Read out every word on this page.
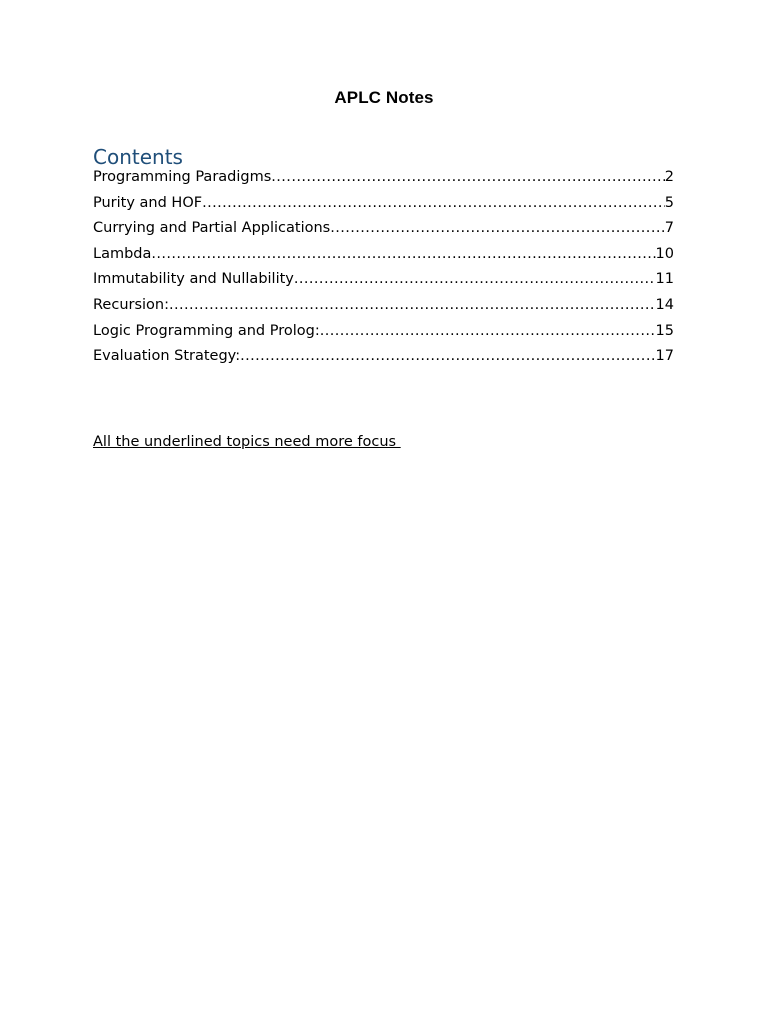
APLC Notes
Contents
Programming Paradigms .....	2
Purity and HOF .....	5
Currying and Partial Applications .....	7
Lambda .....	10
Immutability and Nullability .....	11
Recursion: .....	14
Logic Programming and Prolog: .....	15
Evaluation Strategy: .....	17
All the underlined topics need more focus
